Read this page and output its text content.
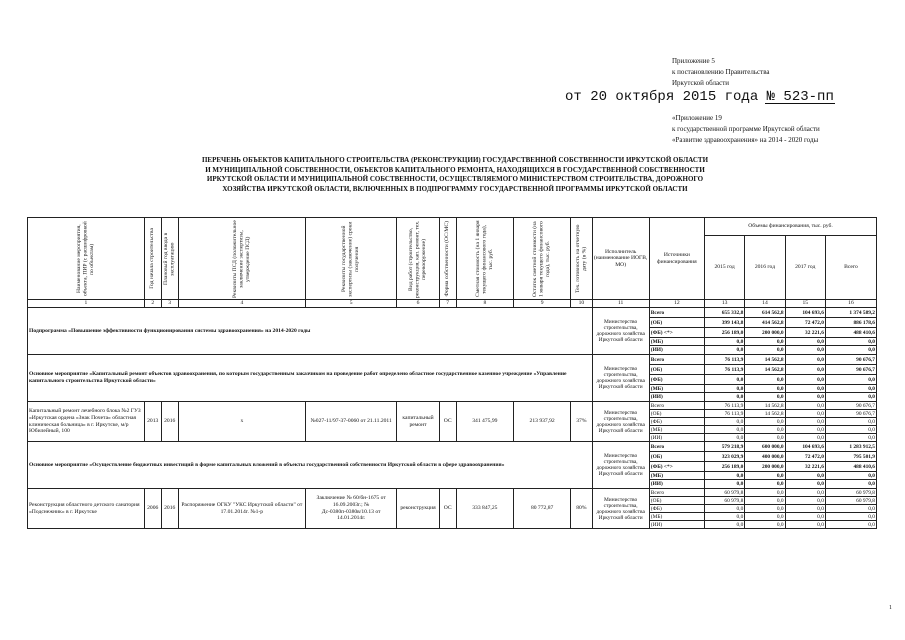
Приложение 5
к постановлению Правительства
Иркутской области
от 20 октября 2015 года № 523-пп
«Приложение 19
к государственной программе Иркутской области
«Развитие здравоохранения» на 2014 - 2020 годы
ПЕРЕЧЕНЬ ОБЪЕКТОВ КАПИТАЛЬНОГО СТРОИТЕЛЬСТВА (РЕКОНСТРУКЦИИ) ГОСУДАРСТВЕННОЙ СОБСТВЕННОСТИ ИРКУТСКОЙ ОБЛАСТИ
И МУНИЦИПАЛЬНОЙ СОБСТВЕННОСТИ, ОБЪЕКТОВ КАПИТАЛЬНОГО РЕМОНТА, НАХОДЯЩИХСЯ В ГОСУДАРСТВЕННОЙ СОБСТВЕННОСТИ
ИРКУТСКОЙ ОБЛАСТИ И МУНИЦИПАЛЬНОЙ СОБСТВЕННОСТИ, ОСУЩЕСТВЛЯЕМОГО МИНИСТЕРСТВОМ СТРОИТЕЛЬСТВА, ДОРОЖНОГО
ХОЗЯЙСТВА ИРКУТСКОЙ ОБЛАСТИ, ВКЛЮЧЕННЫХ В ПОДПРОГРАММУ ГОСУДАРСТВЕННОЙ ПРОГРАММЫ ИРКУТСКОЙ ОБЛАСТИ
Наименование мероприятия, объекта, ПИР (с расшифровкой по объектам)	Год начала строительства	Плановый год ввода в эксплуатацию	Реквизиты ПСД (положительное заключение экспертизы, утверждение ПСД)	Реквизиты государственной экспертизы (заключение) сроки получения	Вид работ (строительство, реконструкция, кап. ремонт, тех. перевооружение)	Форма собственности (ОС/МС)	Сметная стоимость (на 1 января текущего финансового года), тыс. руб.	Остаток сметной стоимости (на 1 января текущего финансового года), тыс. руб.	Тех. готовность на отчетную дату (в %)	Исполнитель (наименование ИОГВ, МО)	Источники финансирования	Объемы финансирования, тыс. руб.			
												2015 год	2016 год	2017 год	Всего
1	2	3	4	5	6	7	8	9	10	11	12	13	14	15	16
Подпрограмма «Повышение эффективности функционирования системы здравоохранения» на 2014-2020 годы										Министерство строительства, дорожного хозяйства Иркутской области	Всего	655 332,8	614 562,8	104 693,6	1 374 589,2
											(ОБ)	399 143,8	414 562,8	72 472,0	886 178,6
											(ФБ) <*>	256 189,0	200 000,0	32 221,6	488 410,6
											(МБ)	0,0	0,0	0,0	0,0
											(ИИ)	0,0	0,0	0,0	0,0
Основное мероприятие «Капитальный ремонт объектов здравоохранения, по которым государственным заказчиком на проведение работ определено областное государственное казенное учреждение «Управление капитального строительства Иркутской области»										Министерство строительства, дорожного хозяйства Иркутской области	Всего	76 113,9	14 562,8	0,0	90 676,7
											(ОБ)	76 113,9	14 562,8	0,0	90 676,7
											(ФБ)	0,0	0,0	0,0	0,0
											(МБ)	0,0	0,0	0,0	0,0
											(ИИ)	0,0	0,0	0,0	0,0
Капитальный ремонт лечебного блока №2 ГУЗ «Иркутская ордена «Знак Почета» областная клиническая больница» в г. Иркутске, м/р Юбилейный, 100	2013	2016	х	№027-11/97-37-0060 от 21.11.2011	капитальный ремонт	ОС	341 475,99	213 937,92	37%	Министерство строительства, дорожного хозяйства Иркутской области	Всего	76 113,9	14 562,8	0,0	90 676,7
											(ОБ)	76 113,9	14 562,8	0,0	90 676,7
											(ФБ)	0,0	0,0	0,0	0,0
											(МБ)	0,0	0,0	0,0	0,0
											(ИИ)	0,0	0,0	0,0	0,0
Основное мероприятие «Осуществление бюджетных инвестиций в форме капитальных вложений в объекты государственной собственности Иркутской области в сфере здравоохранения»										Министерство строительства, дорожного хозяйства Иркутской области	Всего	579 218,9	600 000,0	104 693,6	1 283 912,5
											(ОБ)	323 029,9	400 000,0	72 472,0	795 501,9
											(ФБ) <*>	256 189,0	200 000,0	32 221,6	488 410,6
											(МБ)	0,0	0,0	0,0	0,0
											(ИИ)	0,0	0,0	0,0	0,0
Реконструкция областного детского санатория «Подснежник» в г. Иркутске	2006	2016	Распоряжение ОГКУ "УКС Иркутской области" от 17.01.2014г. №1-р	Заключение № 60/бн-1675 от 16.09.2003г.; № Дс-0380п-0380в/10.13 от 14.01.2014г.	реконструкция	ОС	333 847,25	80 772,87	80%	Министерство строительства, дорожного хозяйства Иркутской области	Всего	60 979,8	0,0	0,0	60 979,8
											(ОБ)	60 979,8	0,0	0,0	60 979,8
											(ФБ)	0,0	0,0	0,0	0,0
											(МБ)	0,0	0,0	0,0	0,0
											(ИИ)	0,0	0,0	0,0	0,0
1
